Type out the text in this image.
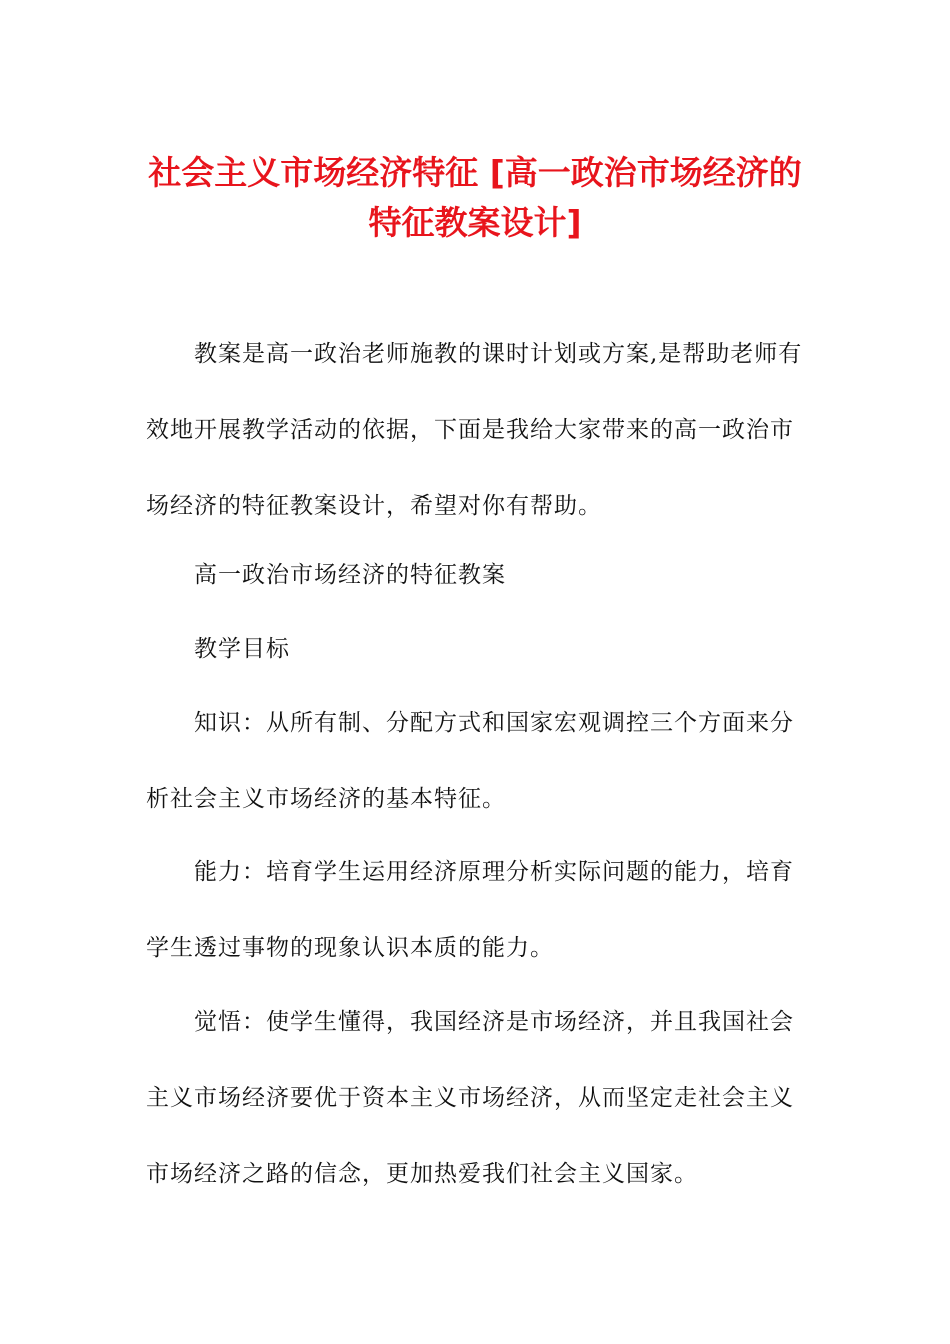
社会主义市场经济特征 [高一政治市场经济的
特征教案设计]

教案是高一政治老师施教的课时计划或方案,是帮助老师有
效地开展教学活动的依据，下面是我给大家带来的高一政治市
场经济的特征教案设计，希望对你有帮助。

高一政治市场经济的特征教案

教学目标

知识：从所有制、分配方式和国家宏观调控三个方面来分
析社会主义市场经济的基本特征。

能力：培育学生运用经济原理分析实际问题的能力，培育
学生透过事物的现象认识本质的能力。

觉悟：使学生懂得，我国经济是市场经济，并且我国社会
主义市场经济要优于资本主义市场经济，从而坚定走社会主义
市场经济之路的信念，更加热爱我们社会主义国家。
